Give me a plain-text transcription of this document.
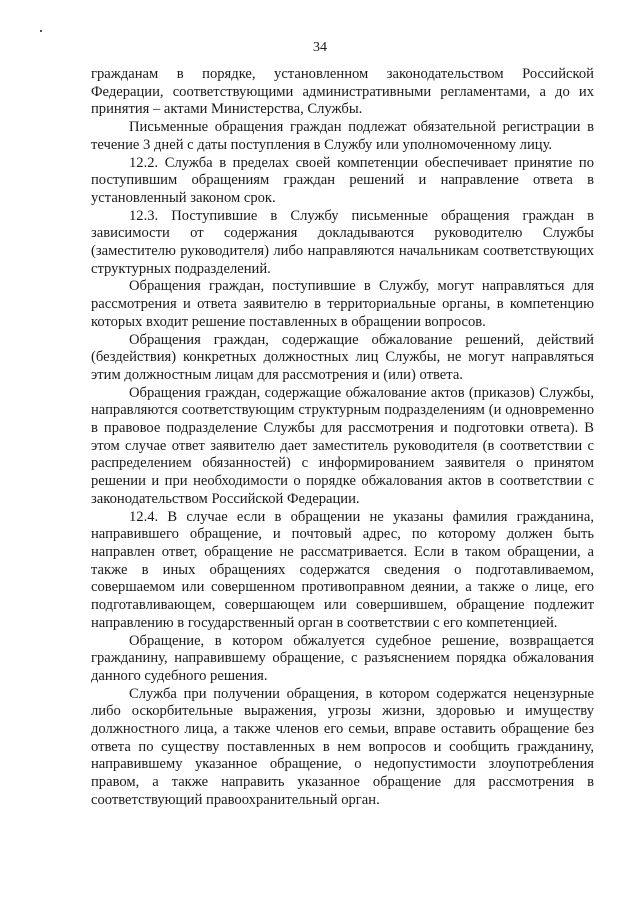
34

гражданам в порядке, установленном законодательством Российской Федерации, соответствующими административными регламентами, а до их принятия – актами Министерства, Службы.

Письменные обращения граждан подлежат обязательной регистрации в течение 3 дней с даты поступления в Службу или уполномоченному лицу.

12.2. Служба в пределах своей компетенции обеспечивает принятие по поступившим обращениям граждан решений и направление ответа в установленный законом срок.

12.3. Поступившие в Службу письменные обращения граждан в зависимости от содержания докладываются руководителю Службы (заместителю руководителя) либо направляются начальникам соответствующих структурных подразделений.

Обращения граждан, поступившие в Службу, могут направляться для рассмотрения и ответа заявителю в территориальные органы, в компетенцию которых входит решение поставленных в обращении вопросов.

Обращения граждан, содержащие обжалование решений, действий (бездействия) конкретных должностных лиц Службы, не могут направляться этим должностным лицам для рассмотрения и (или) ответа.

Обращения граждан, содержащие обжалование актов (приказов) Службы, направляются соответствующим структурным подразделениям (и одновременно в правовое подразделение Службы для рассмотрения и подготовки ответа). В этом случае ответ заявителю дает заместитель руководителя (в соответствии с распределением обязанностей) с информированием заявителя о принятом решении и при необходимости о порядке обжалования актов в соответствии с законодательством Российской Федерации.

12.4. В случае если в обращении не указаны фамилия гражданина, направившего обращение, и почтовый адрес, по которому должен быть направлен ответ, обращение не рассматривается. Если в таком обращении, а также в иных обращениях содержатся сведения о подготавливаемом, совершаемом или совершенном противоправном деянии, а также о лице, его подготавливающем, совершающем или совершившем, обращение подлежит направлению в государственный орган в соответствии с его компетенцией.

Обращение, в котором обжалуется судебное решение, возвращается гражданину, направившему обращение, с разъяснением порядка обжалования данного судебного решения.

Служба при получении обращения, в котором содержатся нецензурные либо оскорбительные выражения, угрозы жизни, здоровью и имуществу должностного лица, а также членов его семьи, вправе оставить обращение без ответа по существу поставленных в нем вопросов и сообщить гражданину, направившему указанное обращение, о недопустимости злоупотребления правом, а также направить указанное обращение для рассмотрения в соответствующий правоохранительный орган.
